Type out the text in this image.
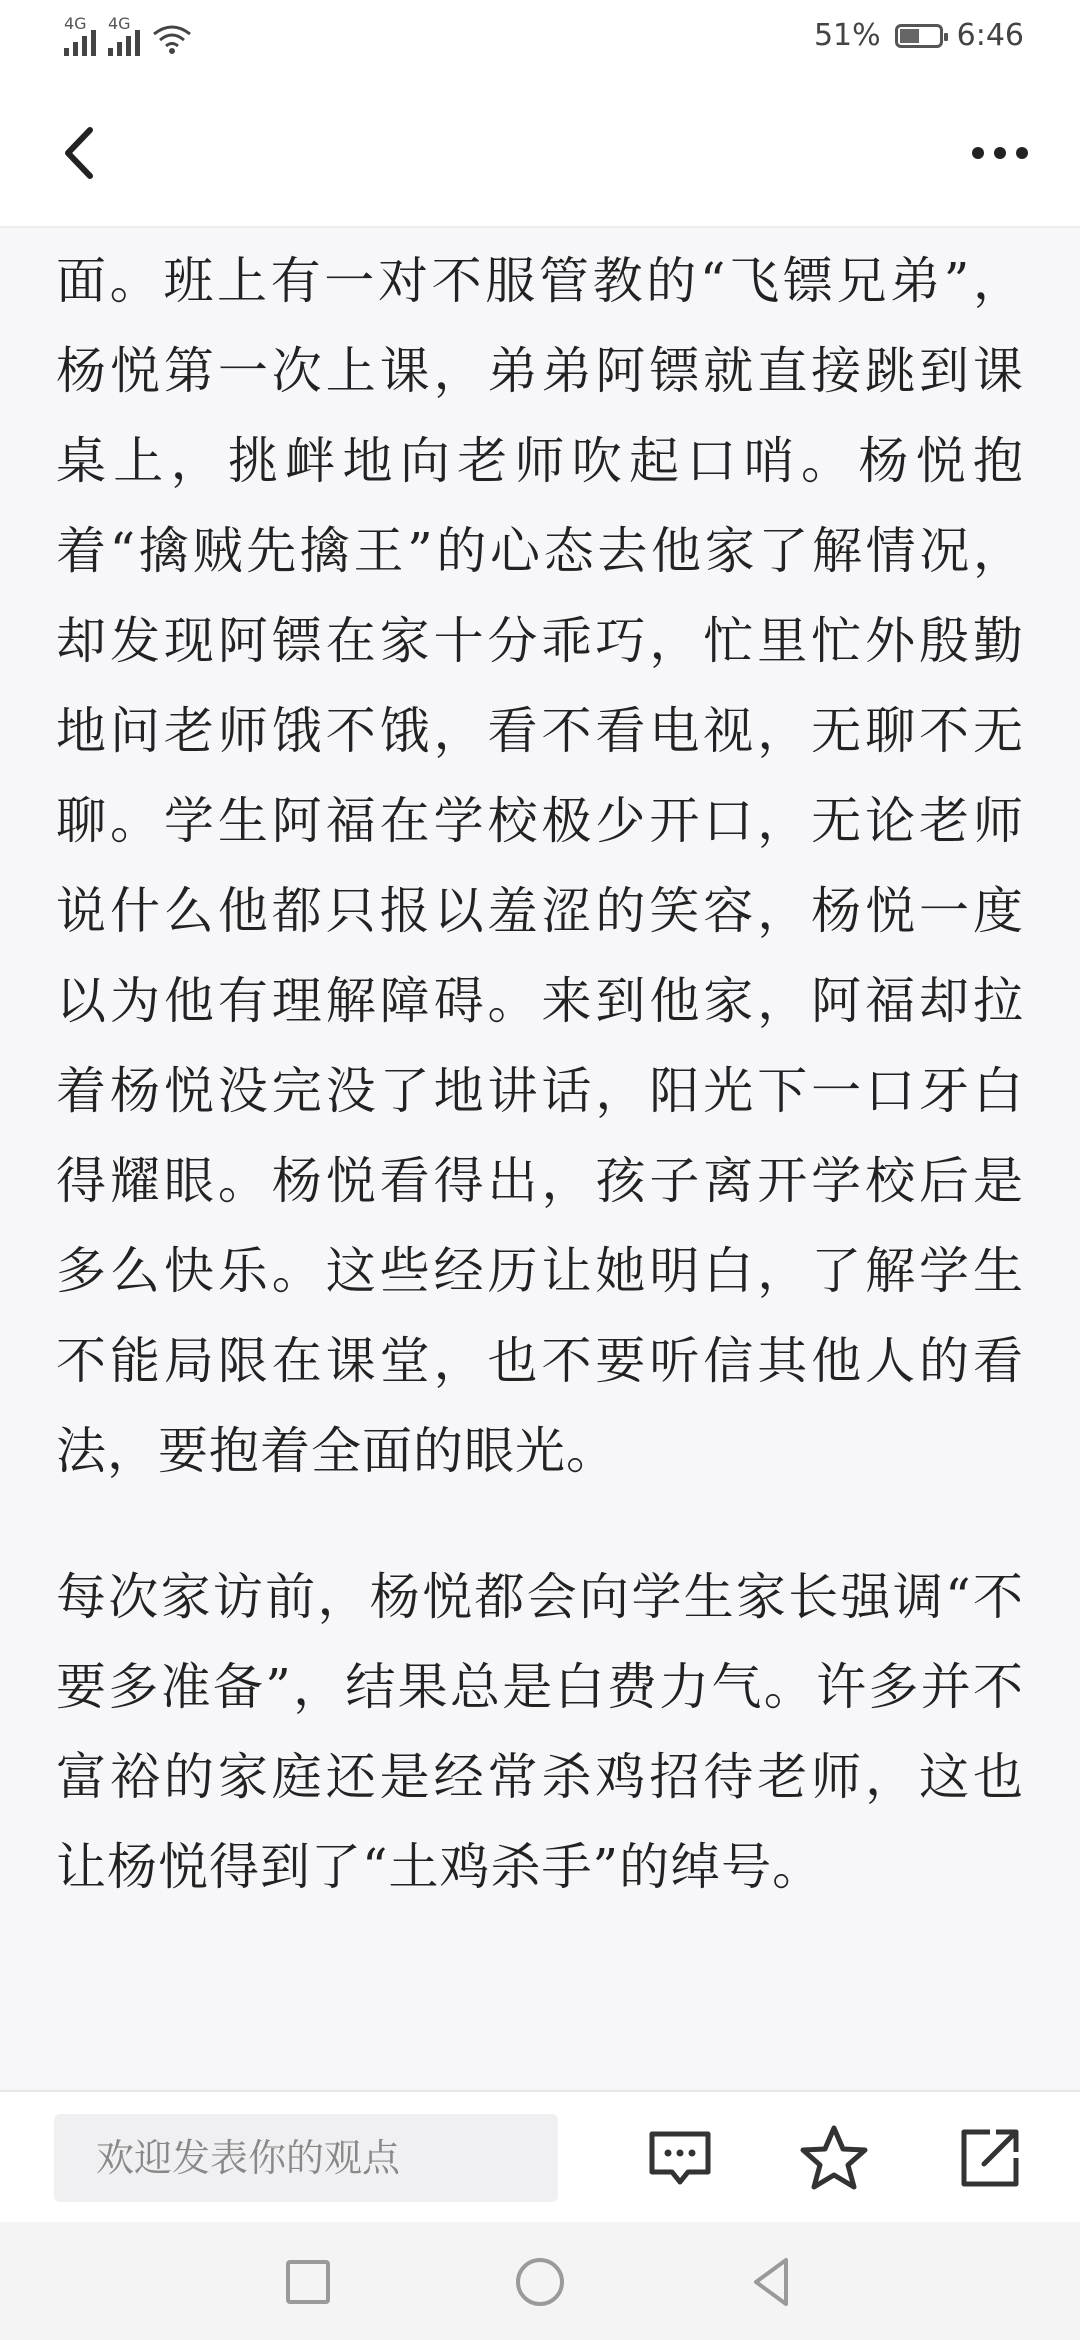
4G 4G	51%	6:46

面。班上有一对不服管教的“飞镖兄弟”，杨悦第一次上课，弟弟阿镖就直接跳到课桌上，挑衅地向老师吹起口哨。杨悦抱着“擒贼先擒王”的心态去他家了解情况，却发现阿镖在家十分乖巧，忙里忙外殷勤地问老师饿不饿，看不看电视，无聊不无聊。学生阿福在学校极少开口，无论老师说什么他都只报以羞涩的笑容，杨悦一度以为他有理解障碍。来到他家，阿福却拉着杨悦没完没了地讲话，阳光下一口牙白得耀眼。杨悦看得出，孩子离开学校后是多么快乐。这些经历让她明白，了解学生不能局限在课堂，也不要听信其他人的看法，要抱着全面的眼光。

每次家访前，杨悦都会向学生家长强调“不要多准备”，结果总是白费力气。许多并不富裕的家庭还是经常杀鸡招待老师，这也让杨悦得到了“土鸡杀手”的绰号。

欢迎发表你的观点
